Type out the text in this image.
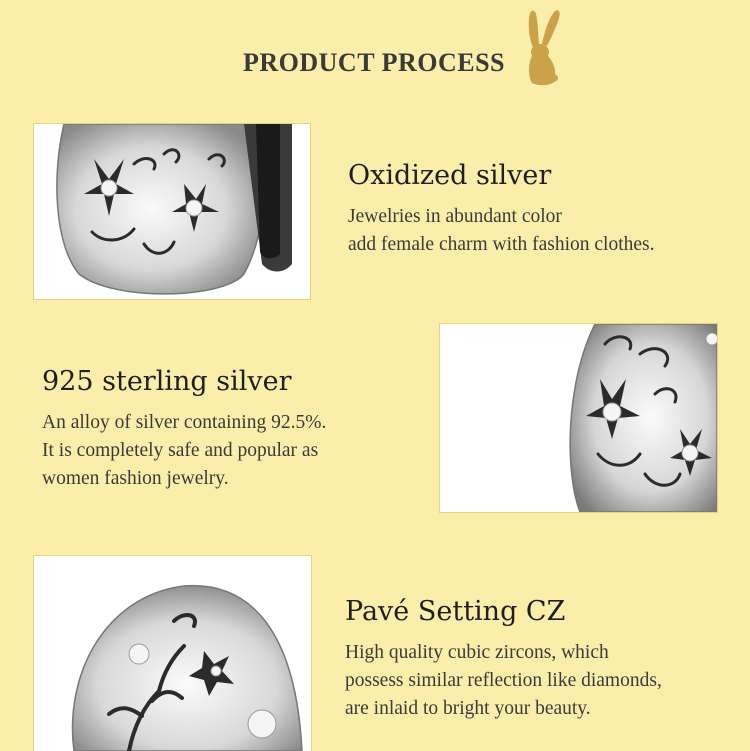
PRODUCT PROCESS
Oxidized silver
Jewelries in abundant color
add female charm with fashion clothes.
925 sterling silver
An alloy of silver containing 92.5%.
It is completely safe and popular as
women fashion jewelry.
Pavé Setting CZ
High quality cubic zircons, which
possess similar reflection like diamonds,
are inlaid to bright your beauty.
